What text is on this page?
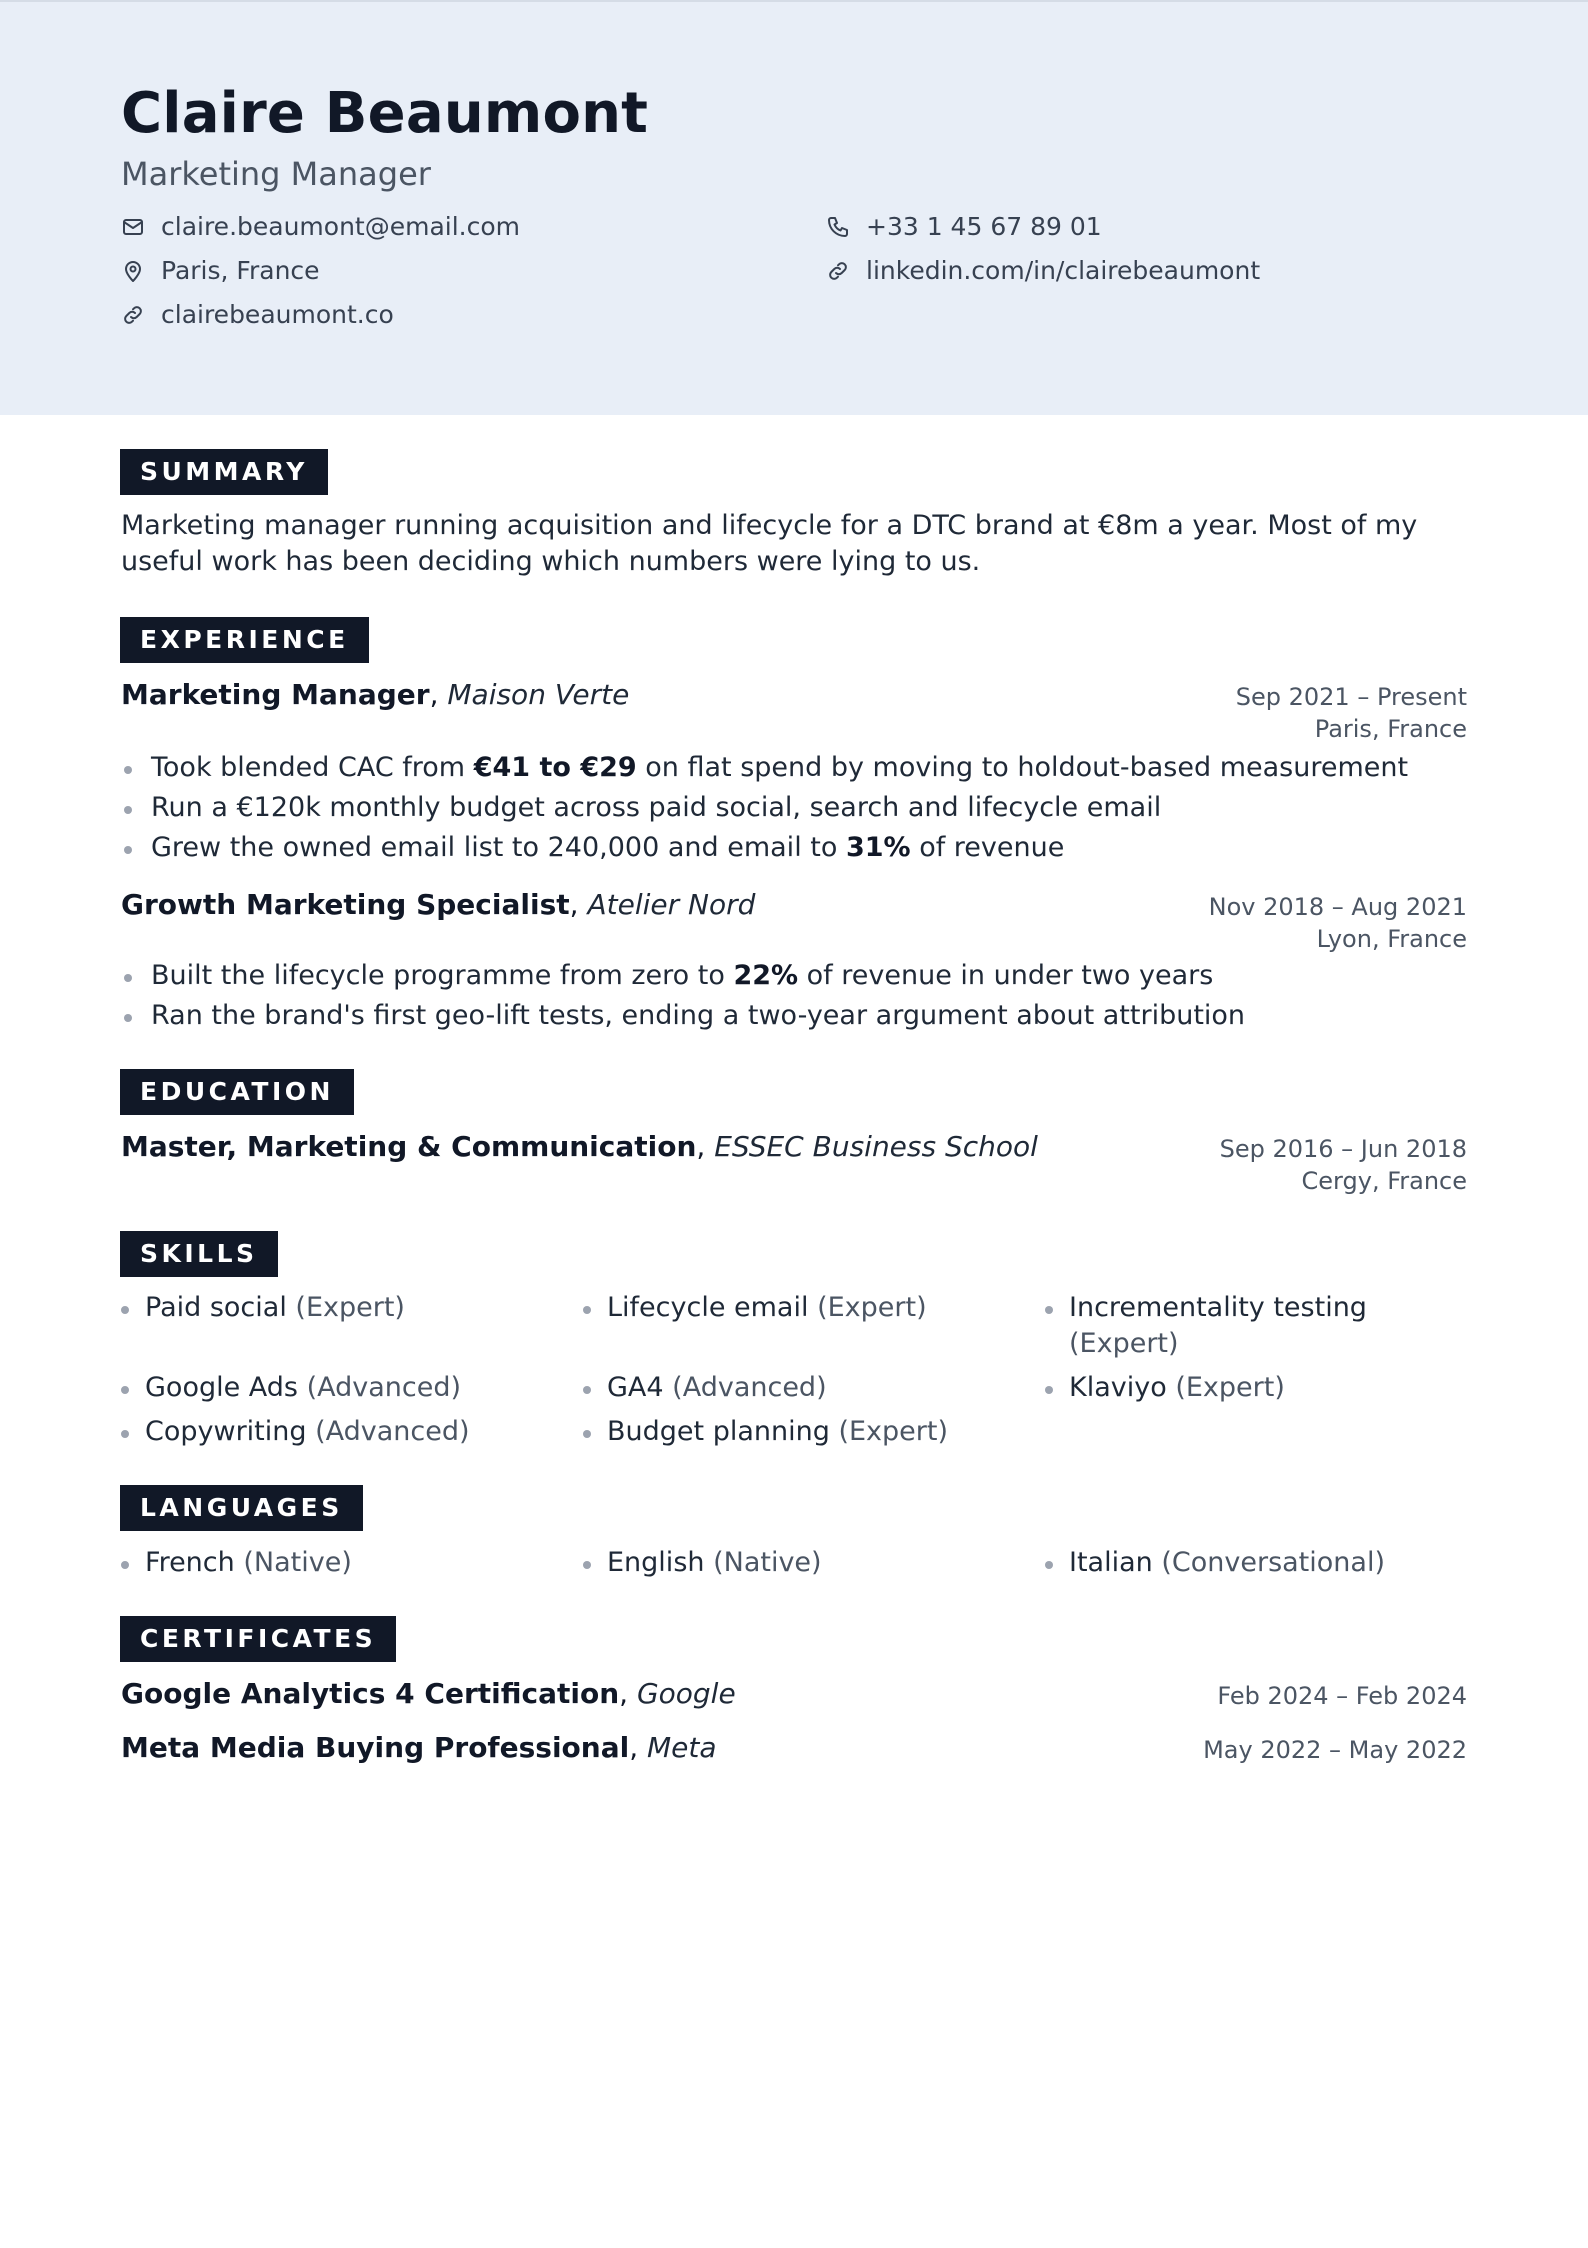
Claire Beaumont
Marketing Manager
claire.beaumont@email.com	+33 1 45 67 89 01
Paris, France	linkedin.com/in/clairebeaumont
clairebeaumont.co
SUMMARY
Marketing manager running acquisition and lifecycle for a DTC brand at €8m a year. Most of my useful work has been deciding which numbers were lying to us.
EXPERIENCE
Marketing Manager, Maison Verte	Sep 2021 – Present
Paris, France
Took blended CAC from €41 to €29 on flat spend by moving to holdout-based measurement
Run a €120k monthly budget across paid social, search and lifecycle email
Grew the owned email list to 240,000 and email to 31% of revenue
Growth Marketing Specialist, Atelier Nord	Nov 2018 – Aug 2021
Lyon, France
Built the lifecycle programme from zero to 22% of revenue in under two years
Ran the brand's first geo-lift tests, ending a two-year argument about attribution
EDUCATION
Master, Marketing & Communication, ESSEC Business School	Sep 2016 – Jun 2018
Cergy, France
SKILLS
Paid social (Expert)	Lifecycle email (Expert)	Incrementality testing (Expert)
Google Ads (Advanced)	GA4 (Advanced)	Klaviyo (Expert)
Copywriting (Advanced)	Budget planning (Expert)
LANGUAGES
French (Native)	English (Native)	Italian (Conversational)
CERTIFICATES
Google Analytics 4 Certification, Google	Feb 2024 – Feb 2024
Meta Media Buying Professional, Meta	May 2022 – May 2022
